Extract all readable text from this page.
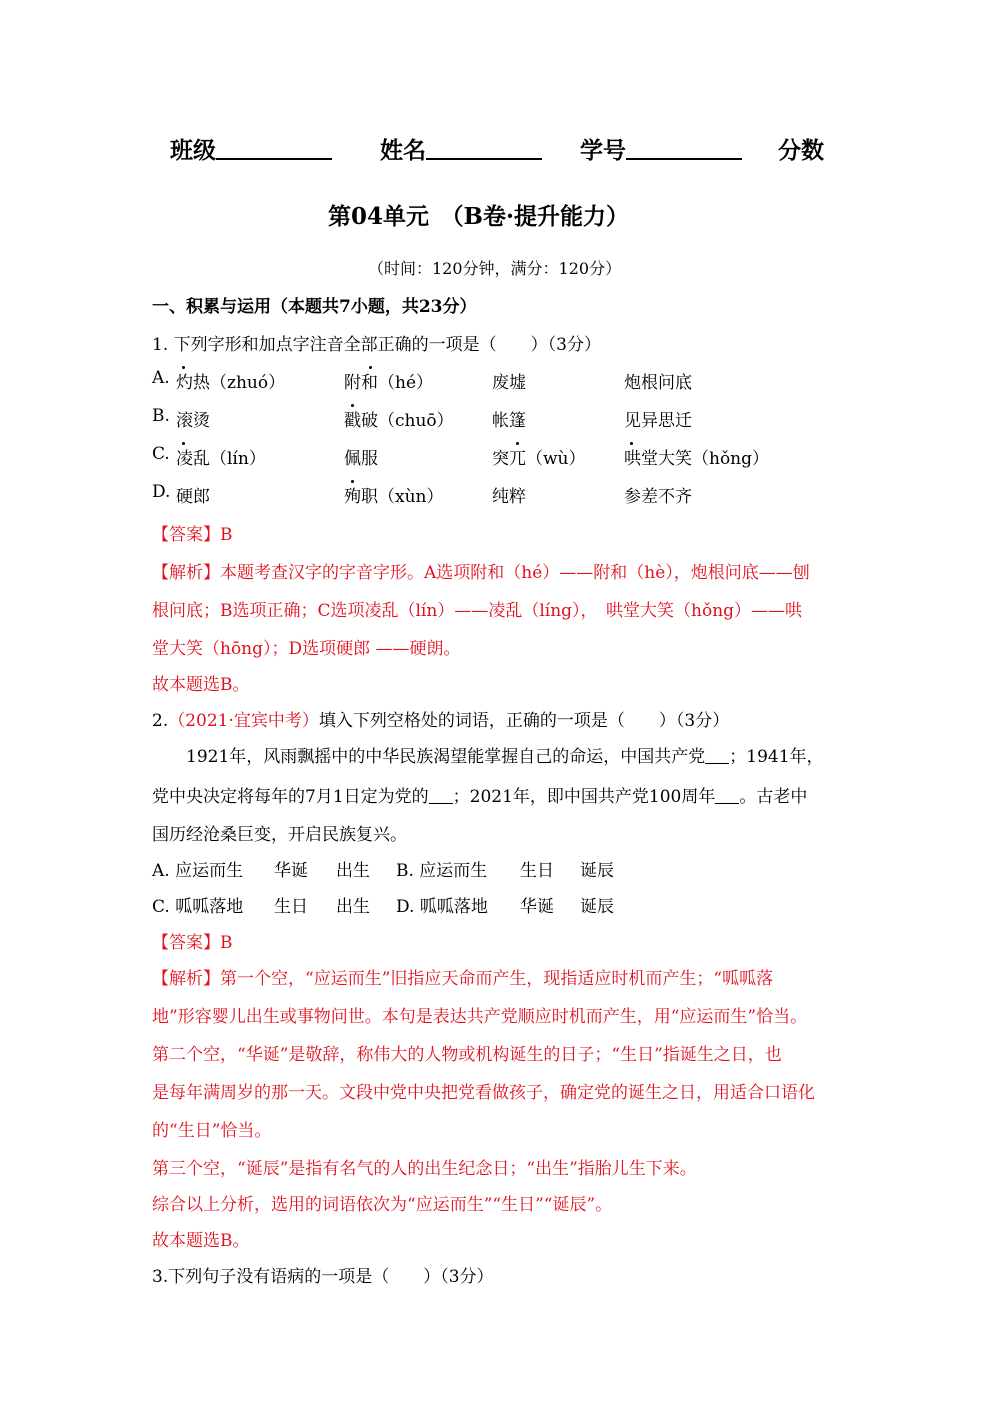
班级	姓名	学号	分数
第04单元　（B卷·提升能力）
（时间：120分钟，满分：120分）
一、积累与运用（本题共7小题，共23分）
1. 下列字形和加点字注音全部正确的一项是（　　）（3分）
A. 灼热（zhuó）	附和（hé）	废墟	炮根问底
B. 滚烫	戳破（chuō） 帐篷	见异思迁
C. 凌乱（lín）	佩服	突兀（wù） 哄堂大笑（hǒng）
D. 硬郎	殉职（xùn）	纯粹	参差不齐
【答案】B
【解析】本题考查汉字的字音字形。A选项附和（hé）——附和（hè），炮根问底——刨
根问底；B选项正确；C选项凌乱（lín）——凌乱（líng），　哄堂大笑（hǒng）——哄
堂大笑（hōng）；D选项硬郎 ——硬朗。
故本题选B。
2.（2021·宜宾中考）填入下列空格处的词语，正确的一项是（　　）（3分）
1921年，风雨飘摇中的中华民族渴望能掌握自己的命运，中国共产党 ；1941年，
党中央决定将每年的7月1日定为党的 ；2021年，即中国共产党100周年 。古老中
国历经沧桑巨变，开启民族复兴。
A. 应运而生 华诞 出生 B. 应运而生 生日 诞辰
C. 呱呱落地 生日 出生 D. 呱呱落地 华诞 诞辰
【答案】B
【解析】第一个空，“应运而生”旧指应天命而产生，现指适应时机而产生；“呱呱落
地”形容婴儿出生或事物问世。本句是表达共产党顺应时机而产生，用“应运而生”恰当。
第二个空，“华诞”是敬辞，称伟大的人物或机构诞生的日子；“生日”指诞生之日，也
是每年满周岁的那一天。文段中党中央把党看做孩子，确定党的诞生之日，用适合口语化
的“生日”恰当。
第三个空，“诞辰”是指有名气的人的出生纪念日；“出生”指胎儿生下来。
综合以上分析，选用的词语依次为“应运而生”“生日”“诞辰”。
故本题选B。
3.下列句子没有语病的一项是（　　）（3分）
